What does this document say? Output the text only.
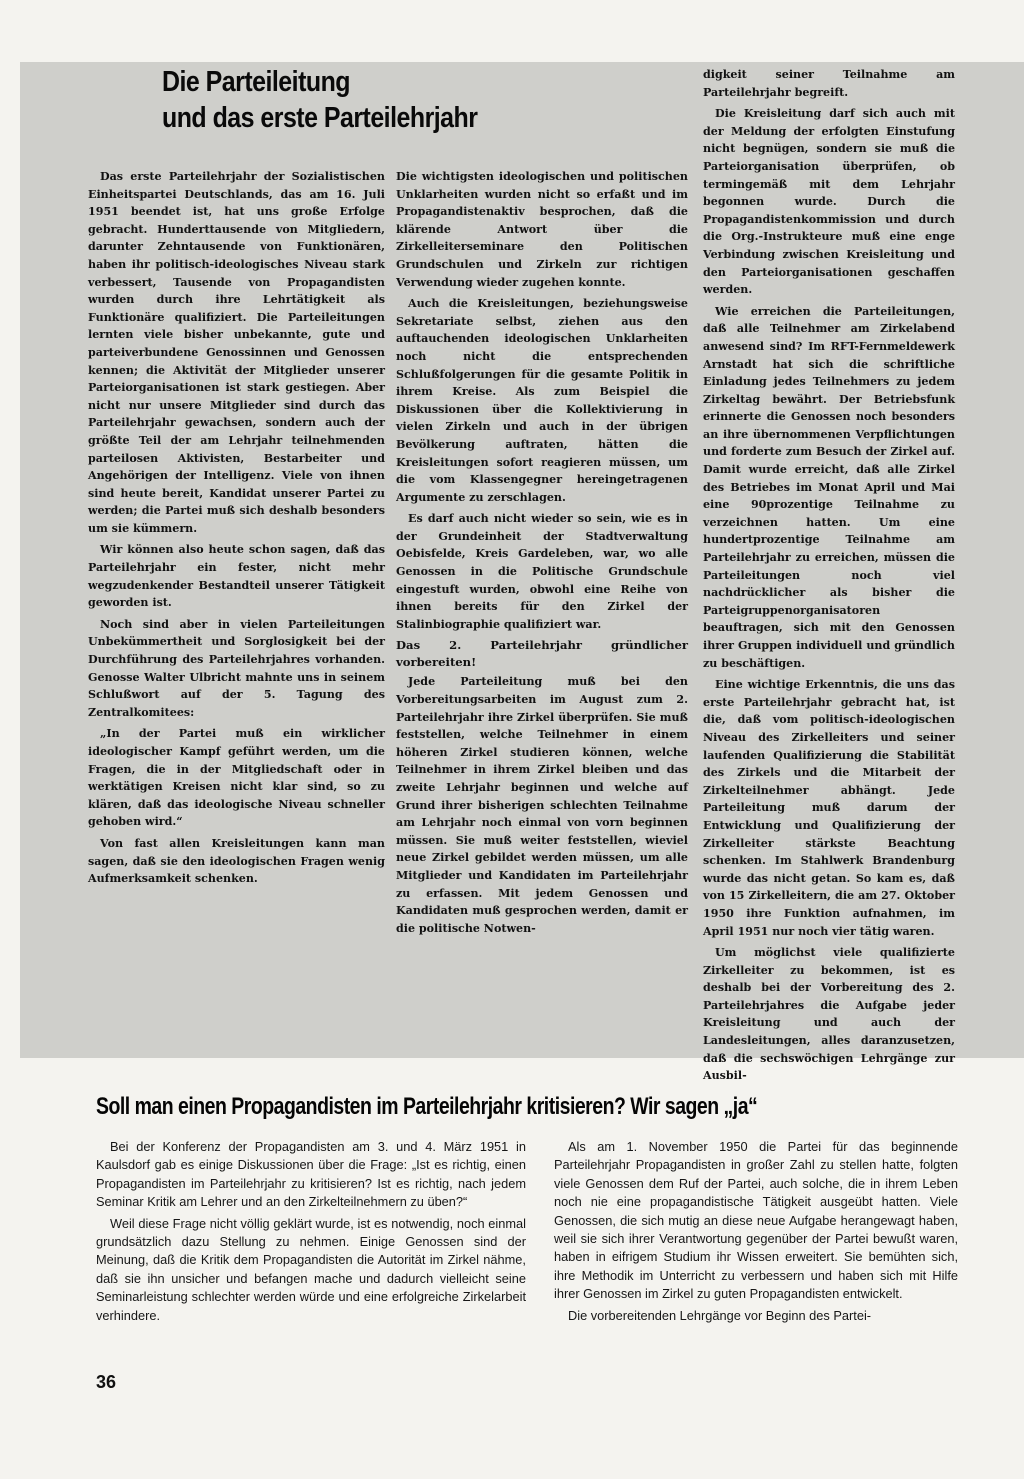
Die Parteileitung
und das erste Parteilehrjahr

Das erste Parteilehrjahr der Sozialistischen Einheitspartei Deutschlands, das am 16. Juli 1951 beendet ist, hat uns große Erfolge gebracht. Hunderttausende von Mitgliedern, darunter Zehntausende von Funktionären, haben ihr politisch-ideologisches Niveau stark verbessert, Tausende von Propagandisten wurden durch ihre Lehrtätigkeit als Funktionäre qualifiziert. Die Parteileitungen lernten viele bisher unbekannte, gute und parteiverbundene Genossinnen und Genossen kennen; die Aktivität der Mitglieder unserer Parteiorganisationen ist stark gestiegen. Aber nicht nur unsere Mitglieder sind durch das Parteilehrjahr gewachsen, sondern auch der größte Teil der am Lehrjahr teilnehmenden parteilosen Aktivisten, Bestarbeiter und Angehörigen der Intelligenz. Viele von ihnen sind heute bereit, Kandidat unserer Partei zu werden; die Partei muß sich deshalb besonders um sie kümmern.

Wir können also heute schon sagen, daß das Parteilehrjahr ein fester, nicht mehr wegzudenkender Bestandteil unserer Tätigkeit geworden ist.

Noch sind aber in vielen Parteileitungen Unbekümmertheit und Sorglosigkeit bei der Durchführung des Parteilehrjahres vorhanden. Genosse Walter Ulbricht mahnte uns in seinem Schlußwort auf der 5. Tagung des Zentralkomitees:

„In der Partei muß ein wirklicher ideologischer Kampf geführt werden, um die Fragen, die in der Mitgliedschaft oder in werktätigen Kreisen nicht klar sind, so zu klären, daß das ideologische Niveau schneller gehoben wird.“

Von fast allen Kreisleitungen kann man sagen, daß sie den ideologischen Fragen wenig Aufmerksamkeit schenken.

Die wichtigsten ideologischen und politischen Unklarheiten wurden nicht so erfaßt und im Propagandistenaktiv besprochen, daß die klärende Antwort über die Zirkelleiterseminare den Politischen Grundschulen und Zirkeln zur richtigen Verwendung wieder zugehen konnte.

Auch die Kreisleitungen, beziehungsweise Sekretariate selbst, ziehen aus den auftauchenden ideologischen Unklarheiten noch nicht die entsprechenden Schlußfolgerungen für die gesamte Politik in ihrem Kreise. Als zum Beispiel die Diskussionen über die Kollektivierung in vielen Zirkeln und auch in der übrigen Bevölkerung auftraten, hätten die Kreisleitungen sofort reagieren müssen, um die vom Klassengegner hereingetragenen Argumente zu zerschlagen.

Es darf auch nicht wieder so sein, wie es in der Grundeinheit der Stadtverwaltung Oebisfelde, Kreis Gardeleben, war, wo alle Genossen in die Politische Grundschule eingestuft wurden, obwohl eine Reihe von ihnen bereits für den Zirkel der Stalinbiographie qualifiziert war.

Das 2. Parteilehrjahr gründlicher vorbereiten!

Jede Parteileitung muß bei den Vorbereitungsarbeiten im August zum 2. Parteilehrjahr ihre Zirkel überprüfen. Sie muß feststellen, welche Teilnehmer in einem höheren Zirkel studieren können, welche Teilnehmer in ihrem Zirkel bleiben und das zweite Lehrjahr beginnen und welche auf Grund ihrer bisherigen schlechten Teilnahme am Lehrjahr noch einmal von vorn beginnen müssen. Sie muß weiter feststellen, wieviel neue Zirkel gebildet werden müssen, um alle Mitglieder und Kandidaten im Parteilehrjahr zu erfassen. Mit jedem Genossen und Kandidaten muß gesprochen werden, damit er die politische Notwen-

digkeit seiner Teilnahme am Parteilehrjahr begreift.

Die Kreisleitung darf sich auch mit der Meldung der erfolgten Einstufung nicht begnügen, sondern sie muß die Parteiorganisation überprüfen, ob termingemäß mit dem Lehrjahr begonnen wurde. Durch die Propagandistenkommission und durch die Org.-Instrukteure muß eine enge Verbindung zwischen Kreisleitung und den Parteiorganisationen geschaffen werden.

Wie erreichen die Parteileitungen, daß alle Teilnehmer am Zirkelabend anwesend sind? Im RFT-Fernmeldewerk Arnstadt hat sich die schriftliche Einladung jedes Teilnehmers zu jedem Zirkeltag bewährt. Der Betriebsfunk erinnerte die Genossen noch besonders an ihre übernommenen Verpflichtungen und forderte zum Besuch der Zirkel auf. Damit wurde erreicht, daß alle Zirkel des Betriebes im Monat April und Mai eine 90prozentige Teilnahme zu verzeichnen hatten. Um eine hundertprozentige Teilnahme am Parteilehrjahr zu erreichen, müssen die Parteileitungen noch viel nachdrücklicher als bisher die Parteigruppenorganisatoren beauftragen, sich mit den Genossen ihrer Gruppen individuell und gründlich zu beschäftigen.

Eine wichtige Erkenntnis, die uns das erste Parteilehrjahr gebracht hat, ist die, daß vom politisch-ideologischen Niveau des Zirkelleiters und seiner laufenden Qualifizierung die Stabilität des Zirkels und die Mitarbeit der Zirkelteilnehmer abhängt. Jede Parteileitung muß darum der Entwicklung und Qualifizierung der Zirkelleiter stärkste Beachtung schenken. Im Stahlwerk Brandenburg wurde das nicht getan. So kam es, daß von 15 Zirkelleitern, die am 27. Oktober 1950 ihre Funktion aufnahmen, im April 1951 nur noch vier tätig waren.

Um möglichst viele qualifizierte Zirkelleiter zu bekommen, ist es deshalb bei der Vorbereitung des 2. Parteilehrjahres die Aufgabe jeder Kreisleitung und auch der Landesleitungen, alles daranzusetzen, daß die sechswöchigen Lehrgänge zur Ausbil-

Soll man einen Propagandisten im Parteilehrjahr kritisieren? Wir sagen „ja“

Bei der Konferenz der Propagandisten am 3. und 4. März 1951 in Kaulsdorf gab es einige Diskussionen über die Frage: „Ist es richtig, einen Propagandisten im Parteilehrjahr zu kritisieren? Ist es richtig, nach jedem Seminar Kritik am Lehrer und an den Zirkelteilnehmern zu üben?“

Weil diese Frage nicht völlig geklärt wurde, ist es notwendig, noch einmal grundsätzlich dazu Stellung zu nehmen. Einige Genossen sind der Meinung, daß die Kritik dem Propagandisten die Autorität im Zirkel nähme, daß sie ihn unsicher und befangen mache und dadurch vielleicht seine Seminarleistung schlechter werden würde und eine erfolgreiche Zirkelarbeit verhindere.

Als am 1. November 1950 die Partei für das beginnende Parteilehrjahr Propagandisten in großer Zahl zu stellen hatte, folgten viele Genossen dem Ruf der Partei, auch solche, die in ihrem Leben noch nie eine propagandistische Tätigkeit ausgeübt hatten. Viele Genossen, die sich mutig an diese neue Aufgabe herangewagt haben, weil sie sich ihrer Verantwortung gegenüber der Partei bewußt waren, haben in eifrigem Studium ihr Wissen erweitert. Sie bemühten sich, ihre Methodik im Unterricht zu verbessern und haben sich mit Hilfe ihrer Genossen im Zirkel zu guten Propagandisten entwickelt.

Die vorbereitenden Lehrgänge vor Beginn des Partei-

36
